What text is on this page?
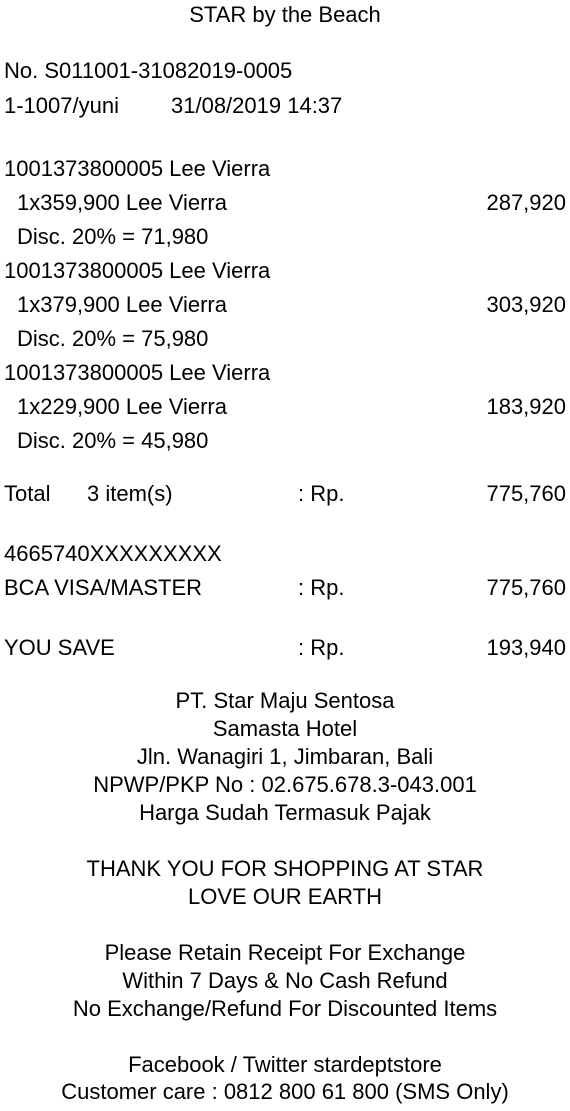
STAR by the Beach
No. S011001-31082019-0005
1-1007/yuni 31/08/2019 14:37
1001373800005 Lee Vierra
1x359,900 Lee Vierra	287,920
Disc. 20% = 71,980
1001373800005 Lee Vierra
1x379,900 Lee Vierra	303,920
Disc. 20% = 75,980
1001373800005 Lee Vierra
1x229,900 Lee Vierra	183,920
Disc. 20% = 45,980
Total 3 item(s)	: Rp.	775,760
4665740XXXXXXXXX
BCA VISA/MASTER	: Rp.	775,760
YOU SAVE	: Rp.	193,940
PT. Star Maju Sentosa
Samasta Hotel
Jln. Wanagiri 1, Jimbaran, Bali
NPWP/PKP No : 02.675.678.3-043.001
Harga Sudah Termasuk Pajak
THANK YOU FOR SHOPPING AT STAR
LOVE OUR EARTH
Please Retain Receipt For Exchange
Within 7 Days & No Cash Refund
No Exchange/Refund For Discounted Items
Facebook / Twitter stardeptstore
Customer care : 0812 800 61 800 (SMS Only)
